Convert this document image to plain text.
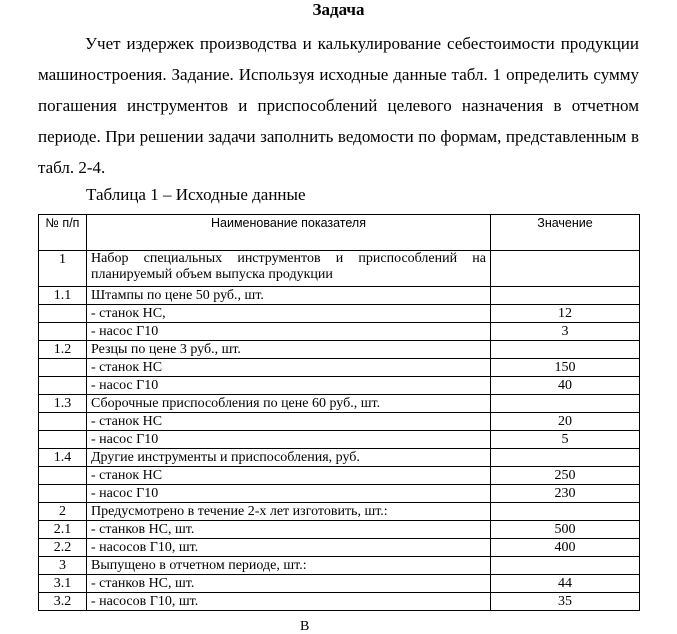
Задача
Учет издержек производства и калькулирование себестоимости продукции машиностроения. Задание. Используя исходные данные табл. 1 определить сумму погашения инструментов и приспособлений целевого назначения в отчетном периоде. При решении задачи заполнить ведомости по формам, представленным в табл. 2-4.
Таблица 1 – Исходные данные
№ п/п	Наименование показателя	Значение
1	Набор специальных инструментов и приспособлений на планируемый объем выпуска продукции	
1.1	Штампы по цене 50 руб., шт.	
	- станок НС,	12
	- насос Г10	3
1.2	Резцы по цене 3 руб., шт.	
	- станок НС	150
	- насос Г10	40
1.3	Сборочные приспособления по цене 60 руб., шт.	
	- станок НС	20
	- насос Г10	5
1.4	Другие инструменты и приспособления, руб.	
	- станок НС	250
	- насос Г10	230
2	Предусмотрено в течение 2-х лет изготовить, шт.:	
2.1	- станков НС, шт.	500
2.2	- насосов Г10, шт.	400
3	Выпущено в отчетном периоде, шт.:	
3.1	- станков НС, шт.	44
3.2	- насосов Г10, шт.	35
В
